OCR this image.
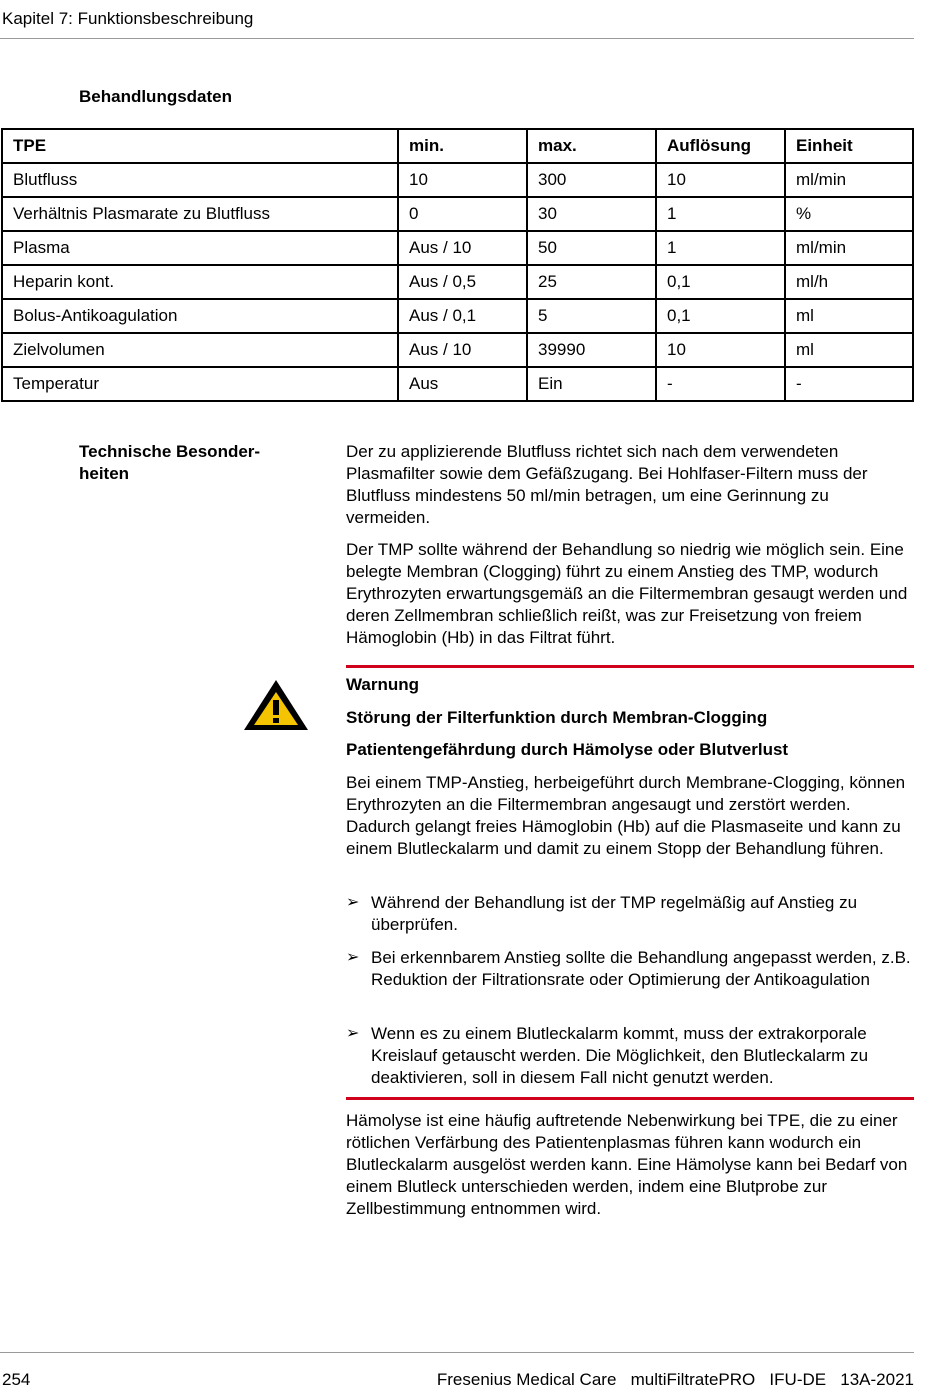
Kapitel 7: Funktionsbeschreibung
Behandlungsdaten
TPE	min.	max.	Auflösung	Einheit
Blutfluss	10	300	10	ml/min
Verhältnis Plasmarate zu Blutfluss	0	30	1	%
Plasma	Aus / 10	50	1	ml/min
Heparin kont.	Aus / 0,5	25	0,1	ml/h
Bolus-Antikoagulation	Aus / 0,1	5	0,1	ml
Zielvolumen	Aus / 10	39990	10	ml
Temperatur	Aus	Ein	-	-
Technische Besonder-heiten

Der zu applizierende Blutfluss richtet sich nach dem verwendeten Plasmafilter sowie dem Gefäßzugang. Bei Hohlfaser-Filtern muss der Blutfluss mindestens 50 ml/min betragen, um eine Gerinnung zu vermeiden.

Der TMP sollte während der Behandlung so niedrig wie möglich sein. Eine belegte Membran (Clogging) führt zu einem Anstieg des TMP, wodurch Erythrozyten erwartungsgemäß an die Filtermembran gesaugt werden und deren Zellmembran schließlich reißt, was zur Freisetzung von freiem Hämoglobin (Hb) in das Filtrat führt.

Warnung
Störung der Filterfunktion durch Membran-Clogging
Patientengefährdung durch Hämolyse oder Blutverlust

Bei einem TMP-Anstieg, herbeigeführt durch Membrane-Clogging, können Erythrozyten an die Filtermembran angesaugt und zerstört werden. Dadurch gelangt freies Hämoglobin (Hb) auf die Plasmaseite und kann zu einem Blutleckalarm und damit zu einem Stopp der Behandlung führen.

➢ Während der Behandlung ist der TMP regelmäßig auf Anstieg zu überprüfen.
➢ Bei erkennbarem Anstieg sollte die Behandlung angepasst werden, z.B. Reduktion der Filtrationsrate oder Optimierung der Antikoagulation
➢ Wenn es zu einem Blutleckalarm kommt, muss der extrakorporale Kreislauf getauscht werden. Die Möglichkeit, den Blutleckalarm zu deaktivieren, soll in diesem Fall nicht genutzt werden.

Hämolyse ist eine häufig auftretende Nebenwirkung bei TPE, die zu einer rötlichen Verfärbung des Patientenplasmas führen kann wodurch ein Blutleckalarm ausgelöst werden kann. Eine Hämolyse kann bei Bedarf von einem Blutleck unterschieden werden, indem eine Blutprobe zur Zellbestimmung entnommen wird.

254	Fresenius Medical Care   multiFiltratePRO   IFU-DE   13A-2021
